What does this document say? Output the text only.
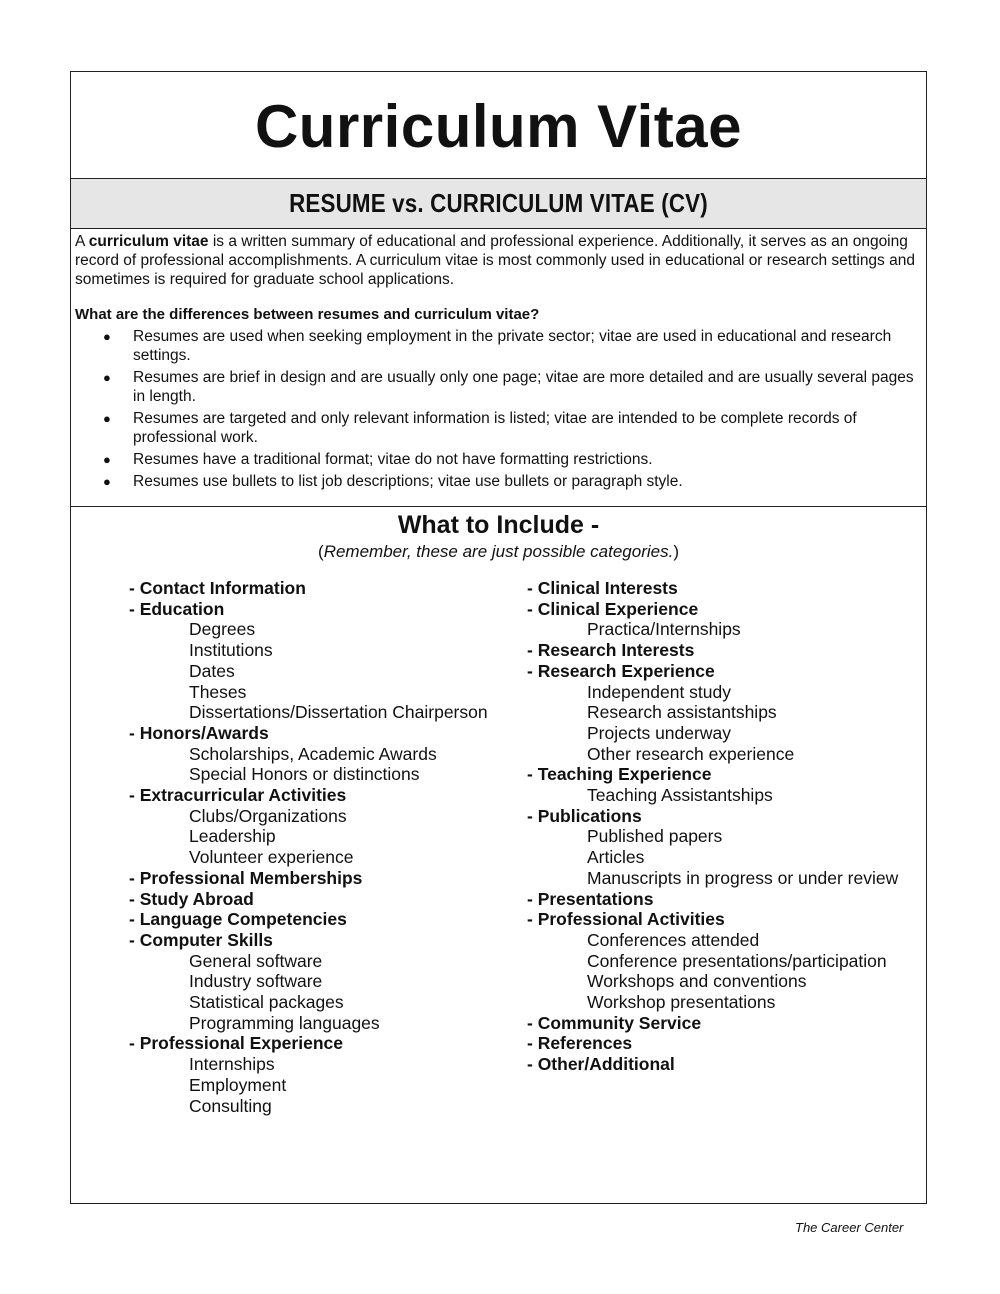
Curriculum Vitae
RESUME vs. CURRICULUM VITAE (CV)

A curriculum vitae is a written summary of educational and professional experience. Additionally, it serves as an ongoing record of professional accomplishments. A curriculum vitae is most commonly used in educational or research settings and sometimes is required for graduate school applications.

What are the differences between resumes and curriculum vitae?
● Resumes are used when seeking employment in the private sector; vitae are used in educational and research settings.
● Resumes are brief in design and are usually only one page; vitae are more detailed and are usually several pages in length.
● Resumes are targeted and only relevant information is listed; vitae are intended to be complete records of professional work.
● Resumes have a traditional format; vitae do not have formatting restrictions.
● Resumes use bullets to list job descriptions; vitae use bullets or paragraph style.
What to Include -
(Remember, these are just possible categories.)
- Contact Information
- Education
Degrees
Institutions
Dates
Theses
Dissertations/Dissertation Chairperson
- Honors/Awards
Scholarships, Academic Awards
Special Honors or distinctions
- Extracurricular Activities
Clubs/Organizations
Leadership
Volunteer experience
- Professional Memberships
- Study Abroad
- Language Competencies
- Computer Skills
General software
Industry software
Statistical packages
Programming languages
- Professional Experience
Internships
Employment
Consulting
- Clinical Interests
- Clinical Experience
Practica/Internships
- Research Interests
- Research Experience
Independent study
Research assistantships
Projects underway
Other research experience
- Teaching Experience
Teaching Assistantships
- Publications
Published papers
Articles
Manuscripts in progress or under review
- Presentations
- Professional Activities
Conferences attended
Conference presentations/participation
Workshops and conventions
Workshop presentations
- Community Service
- References
- Other/Additional
The Career Center
